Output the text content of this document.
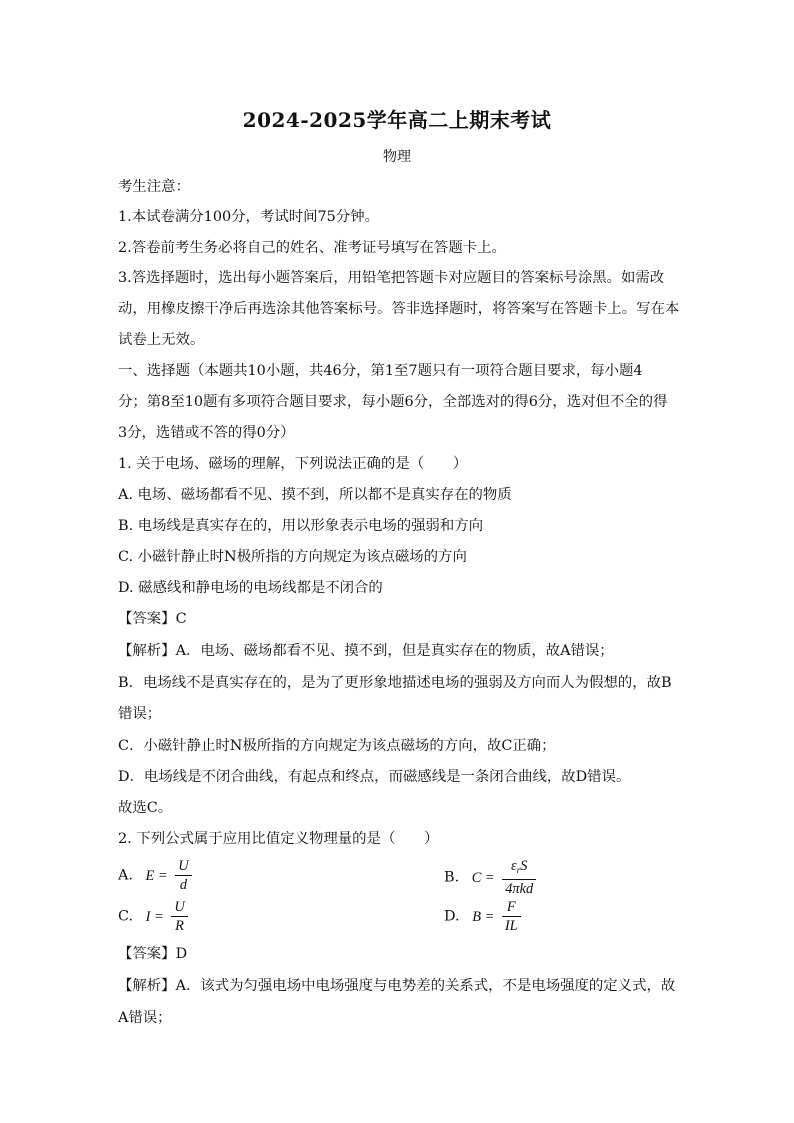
2024-2025学年高二上期末考试
物理
考生注意：
1.本试卷满分100分，考试时间75分钟。
2.答卷前考生务必将自己的姓名、准考证号填写在答题卡上。
3.答选择题时，选出每小题答案后，用铅笔把答题卡对应题目的答案标号涂黑。如需改
动，用橡皮擦干净后再选涂其他答案标号。答非选择题时，将答案写在答题卡上。写在本
试卷上无效。
一、选择题（本题共10小题，共46分，第1至7题只有一项符合题目要求，每小题4
分；第8至10题有多项符合题目要求，每小题6分，全部选对的得6分，选对但不全的得
3分，选错或不答的得0分）
1. 关于电场、磁场的理解，下列说法正确的是（　　）
A. 电场、磁场都看不见、摸不到，所以都不是真实存在的物质
B. 电场线是真实存在的，用以形象表示电场的强弱和方向
C. 小磁针静止时N极所指的方向规定为该点磁场的方向
D. 磁感线和静电场的电场线都是不闭合的
【答案】C
【解析】A．电场、磁场都看不见、摸不到，但是真实存在的物质，故A错误；
B．电场线不是真实存在的，是为了更形象地描述电场的强弱及方向而人为假想的，故B
错误；
C．小磁针静止时N极所指的方向规定为该点磁场的方向，故C正确；
D．电场线是不闭合曲线，有起点和终点，而磁感线是一条闭合曲线，故D错误。
故选C。
2. 下列公式属于应用比值定义物理量的是（　　）
A. $E = \frac{U}{d}$	B. $C = \frac{\varepsilon_rS}{\text{4πkd}}$
C. $I = \frac{U}{R}$	D. $B = \frac{F}{IL}$
【答案】D
【解析】A．该式为匀强电场中电场强度与电势差的关系式，不是电场强度的定义式，故
A错误；
